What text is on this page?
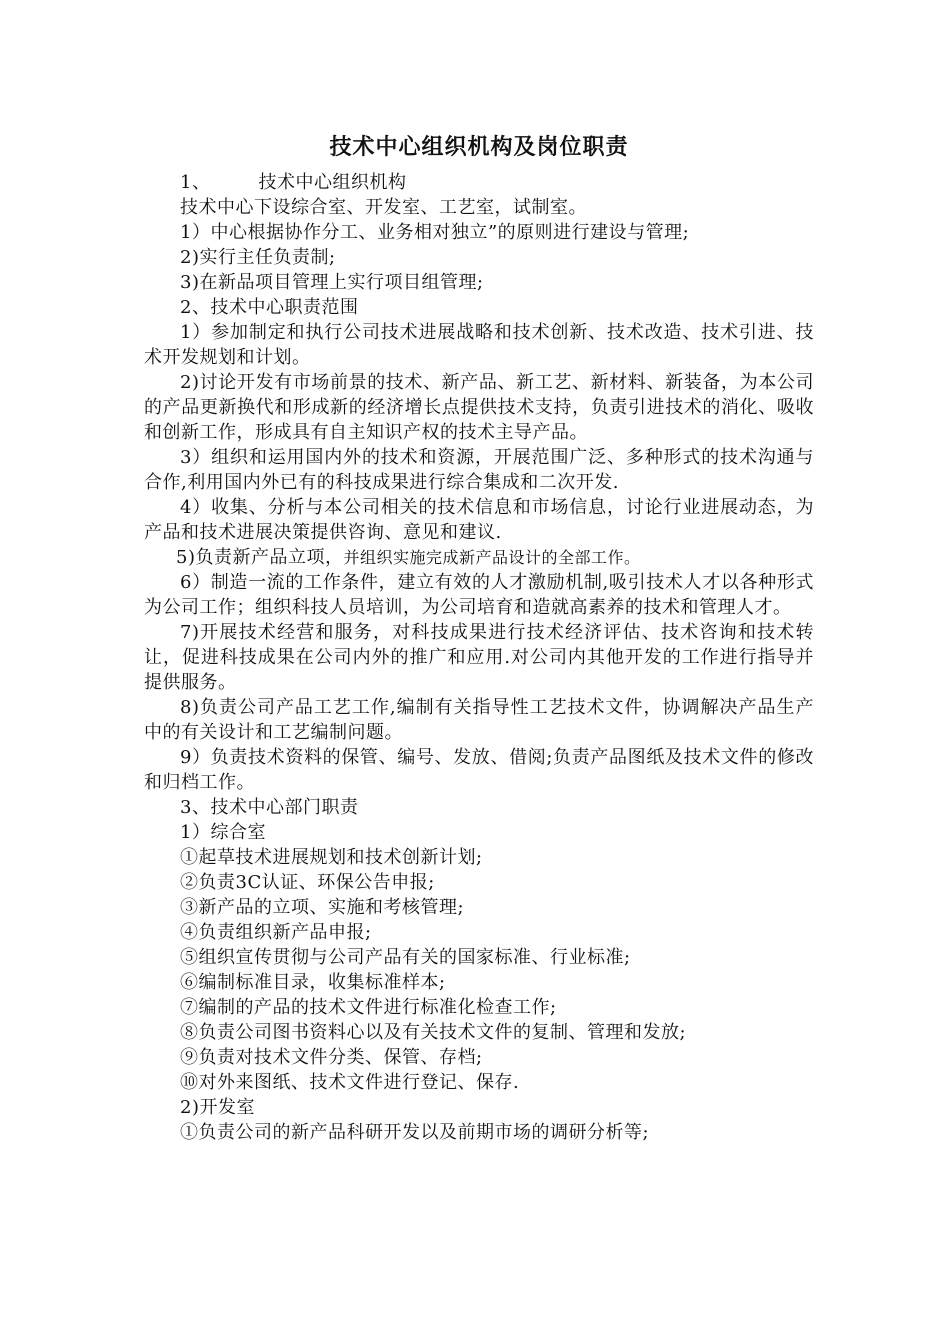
技术中心组织机构及岗位职责

1、	技术中心组织机构

技术中心下设综合室、开发室、工艺室，试制室。

1）中心根据协作分工、业务相对独立”的原则进行建设与管理;

2)实行主任负责制;

3)在新品项目管理上实行项目组管理;

2、技术中心职责范围

1）参加制定和执行公司技术进展战略和技术创新、技术改造、技术引进、技术开发规划和计划。

2)讨论开发有市场前景的技术、新产品、新工艺、新材料、新装备，为本公司的产品更新换代和形成新的经济增长点提供技术支持，负责引进技术的消化、吸收和创新工作，形成具有自主知识产权的技术主导产品。

3）组织和运用国内外的技术和资源，开展范围广泛、多种形式的技术沟通与合作,利用国内外已有的科技成果进行综合集成和二次开发.

4）收集、分析与本公司相关的技术信息和市场信息，讨论行业进展动态，为产品和技术进展决策提供咨询、意见和建议.

5)负责新产品立项，并组织实施完成新产品设计的全部工作。

6）制造一流的工作条件，建立有效的人才激励机制,吸引技术人才以各种形式为公司工作；组织科技人员培训，为公司培育和造就高素养的技术和管理人才。

7)开展技术经营和服务，对科技成果进行技术经济评估、技术咨询和技术转让，促进科技成果在公司内外的推广和应用.对公司内其他开发的工作进行指导并提供服务。

8)负责公司产品工艺工作,编制有关指导性工艺技术文件，协调解决产品生产中的有关设计和工艺编制问题。

9）负责技术资料的保管、编号、发放、借阅;负责产品图纸及技术文件的修改和归档工作。

3、技术中心部门职责

1）综合室

①起草技术进展规划和技术创新计划;

②负责3C认证、环保公告申报;

③新产品的立项、实施和考核管理;

④负责组织新产品申报;

⑤组织宣传贯彻与公司产品有关的国家标准、行业标准;

⑥编制标准目录，收集标准样本;

⑦编制的产品的技术文件进行标准化检查工作;

⑧负责公司图书资料心以及有关技术文件的复制、管理和发放;

⑨负责对技术文件分类、保管、存档;

⑩对外来图纸、技术文件进行登记、保存.

2)开发室

①负责公司的新产品科研开发以及前期市场的调研分析等;
